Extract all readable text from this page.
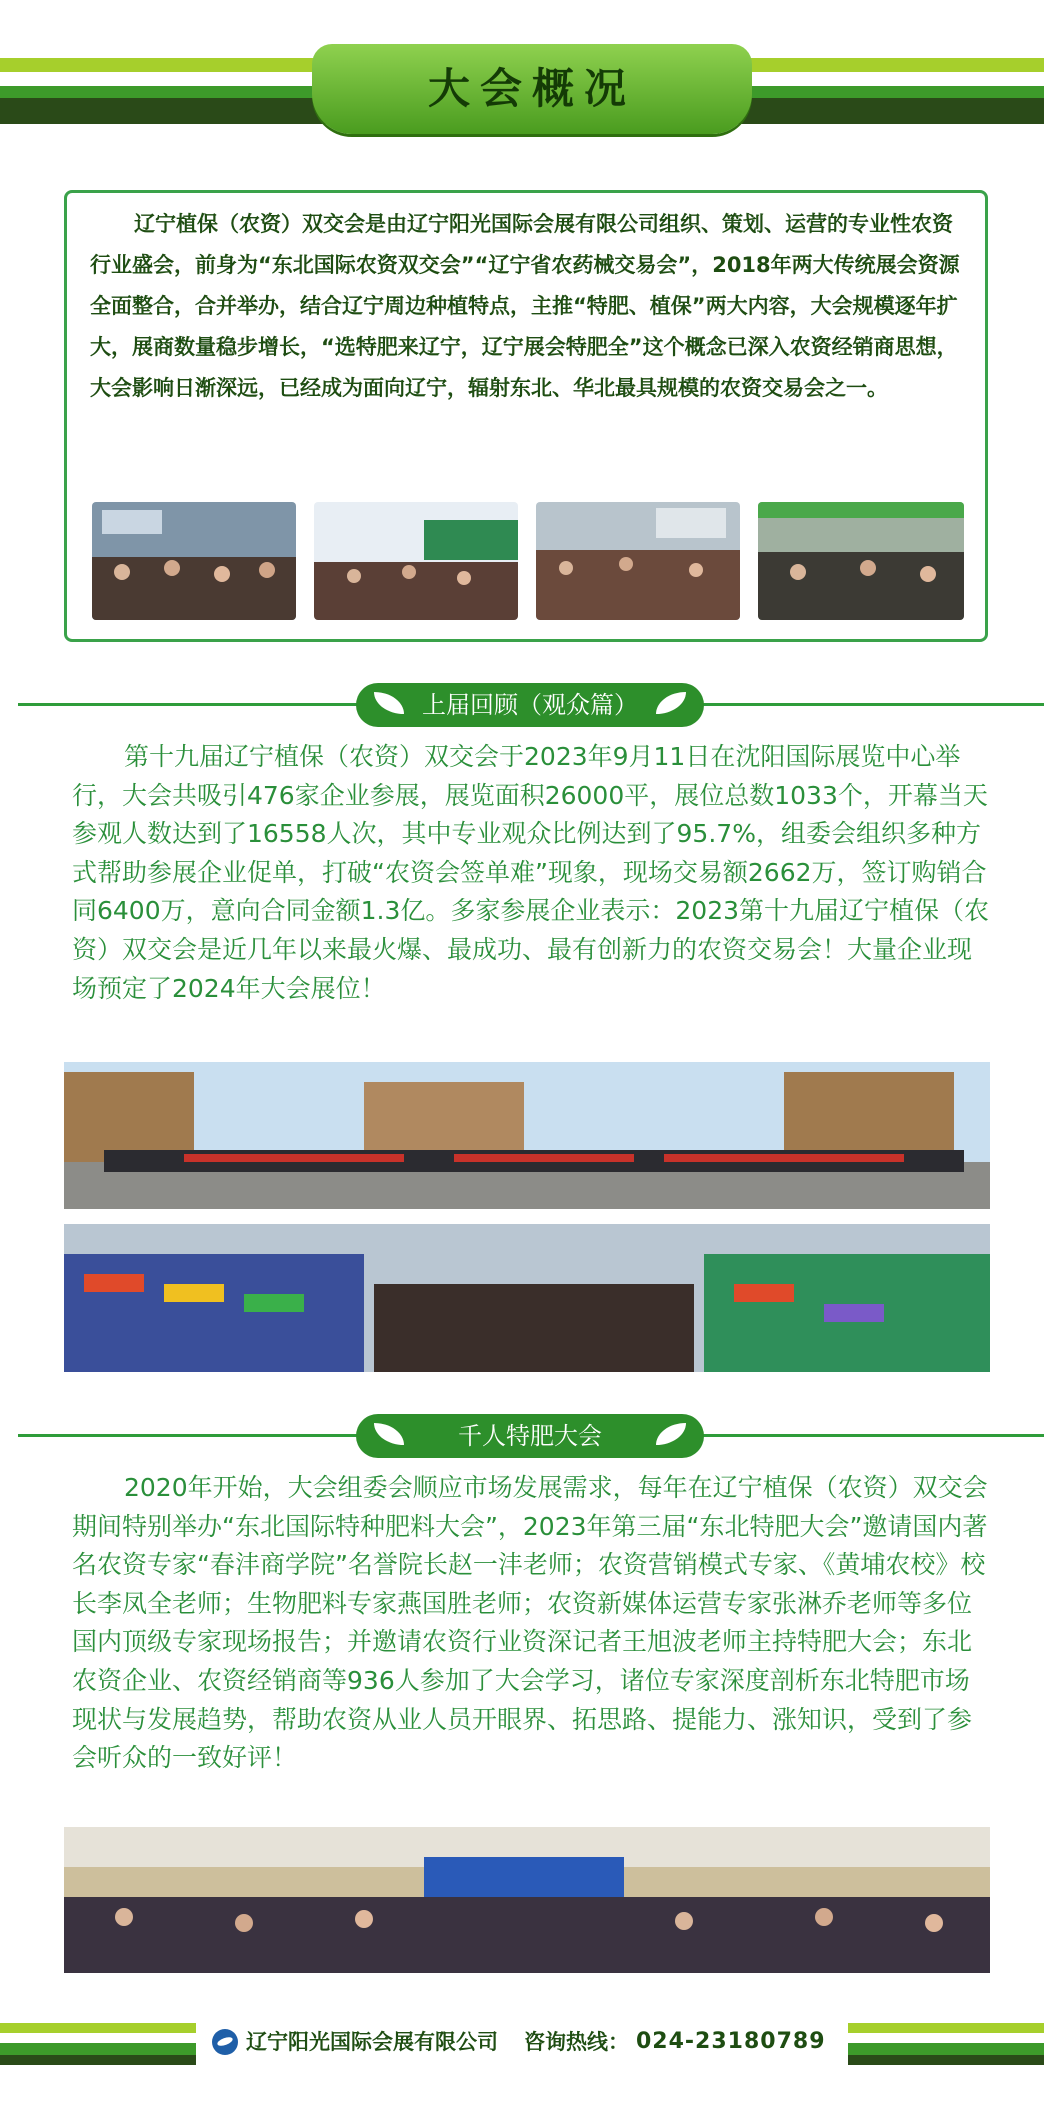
大会概况
辽宁植保（农资）双交会是由辽宁阳光国际会展有限公司组织、策划、运营的专业性农资行业盛会，前身为“东北国际农资双交会”“辽宁省农药械交易会”，2018年两大传统展会资源全面整合，合并举办，结合辽宁周边种植特点，主推“特肥、植保”两大内容，大会规模逐年扩大，展商数量稳步增长，“选特肥来辽宁，辽宁展会特肥全”这个概念已深入农资经销商思想，大会影响日渐深远，已经成为面向辽宁，辐射东北、华北最具规模的农资交易会之一。
上届回顾（观众篇）
第十九届辽宁植保（农资）双交会于2023年9月11日在沈阳国际展览中心举行，大会共吸引476家企业参展，展览面积26000平，展位总数1033个，开幕当天参观人数达到了16558人次，其中专业观众比例达到了95.7%，组委会组织多种方式帮助参展企业促单，打破“农资会签单难”现象，现场交易额2662万，签订购销合同6400万，意向合同金额1.3亿。多家参展企业表示：2023第十九届辽宁植保（农资）双交会是近几年以来最火爆、最成功、最有创新力的农资交易会！大量企业现场预定了2024年大会展位！
千人特肥大会
2020年开始，大会组委会顺应市场发展需求，每年在辽宁植保（农资）双交会期间特别举办“东北国际特种肥料大会”，2023年第三届“东北特肥大会”邀请国内著名农资专家“春沣商学院”名誉院长赵一沣老师；农资营销模式专家、《黄埔农校》校长李凤全老师；生物肥料专家燕国胜老师；农资新媒体运营专家张淋乔老师等多位国内顶级专家现场报告；并邀请农资行业资深记者王旭波老师主持特肥大会；东北农资企业、农资经销商等936人参加了大会学习，诸位专家深度剖析东北特肥市场现状与发展趋势，帮助农资从业人员开眼界、拓思路、提能力、涨知识，受到了参会听众的一致好评！
辽宁阳光国际会展有限公司 咨询热线： 024-23180789
